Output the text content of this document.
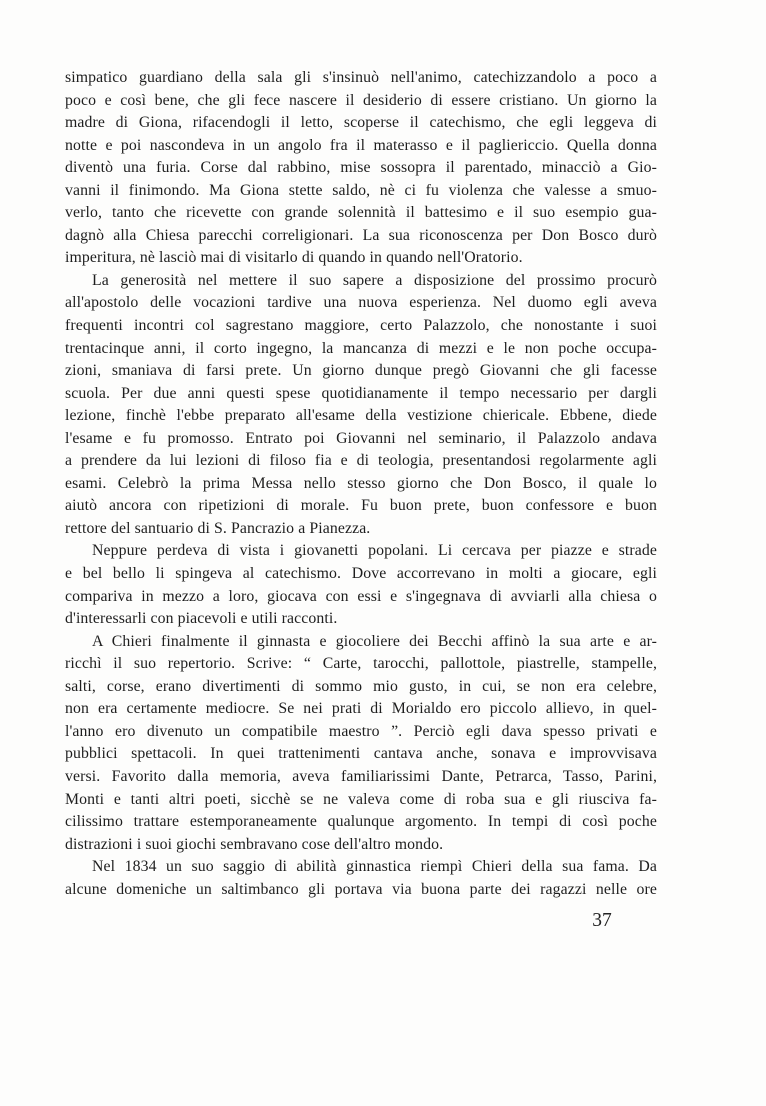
simpatico guardiano della sala gli s'insinuò nell'animo, catechizzandolo a poco a
poco e così bene, che gli fece nascere il desiderio di essere cristiano. Un giorno la
madre di Giona, rifacendogli il letto, scoperse il catechismo, che egli leggeva di
notte e poi nascondeva in un angolo fra il materasso e il pagliericcio. Quella donna
diventò una furia. Corse dal rabbino, mise sossopra il parentado, minacciò a Gio-
vanni il finimondo. Ma Giona stette saldo, nè ci fu violenza che valesse a smuo-
verlo, tanto che ricevette con grande solennità il battesimo e il suo esempio gua-
dagnò alla Chiesa parecchi correligionari. La sua riconoscenza per Don Bosco durò
imperitura, nè lasciò mai di visitarlo di quando in quando nell'Oratorio.
La generosità nel mettere il suo sapere a disposizione del prossimo procurò
all'apostolo delle vocazioni tardive una nuova esperienza. Nel duomo egli aveva
frequenti incontri col sagrestano maggiore, certo Palazzolo, che nonostante i suoi
trentacinque anni, il corto ingegno, la mancanza di mezzi e le non poche occupa-
zioni, smaniava di farsi prete. Un giorno dunque pregò Giovanni che gli facesse
scuola. Per due anni questi spese quotidianamente il tempo necessario per dargli
lezione, finchè l'ebbe preparato all'esame della vestizione chiericale. Ebbene, diede
l'esame e fu promosso. Entrato poi Giovanni nel seminario, il Palazzolo andava
a prendere da lui lezioni di filoso fia e di teologia, presentandosi regolarmente agli
esami. Celebrò la prima Messa nello stesso giorno che Don Bosco, il quale lo
aiutò ancora con ripetizioni di morale. Fu buon prete, buon confessore e buon
rettore del santuario di S. Pancrazio a Pianezza.
Neppure perdeva di vista i giovanetti popolani. Li cercava per piazze e strade
e bel bello li spingeva al catechismo. Dove accorrevano in molti a giocare, egli
compariva in mezzo a loro, giocava con essi e s'ingegnava di avviarli alla chiesa o
d'interessarli con piacevoli e utili racconti.
A Chieri finalmente il ginnasta e giocoliere dei Becchi affinò la sua arte e ar-
ricchì il suo repertorio. Scrive: “ Carte, tarocchi, pallottole, piastrelle, stampelle,
salti, corse, erano divertimenti di sommo mio gusto, in cui, se non era celebre,
non era certamente mediocre. Se nei prati di Morialdo ero piccolo allievo, in quel-
l'anno ero divenuto un compatibile maestro ”. Perciò egli dava spesso privati e
pubblici spettacoli. In quei trattenimenti cantava anche, sonava e improvvisava
versi. Favorito dalla memoria, aveva familiarissimi Dante, Petrarca, Tasso, Parini,
Monti e tanti altri poeti, sicchè se ne valeva come di roba sua e gli riusciva fa-
cilissimo trattare estemporaneamente qualunque argomento. In tempi di così poche
distrazioni i suoi giochi sembravano cose dell'altro mondo.
Nel 1834 un suo saggio di abilità ginnastica riempì Chieri della sua fama. Da
alcune domeniche un saltimbanco gli portava via buona parte dei ragazzi nelle ore
37
